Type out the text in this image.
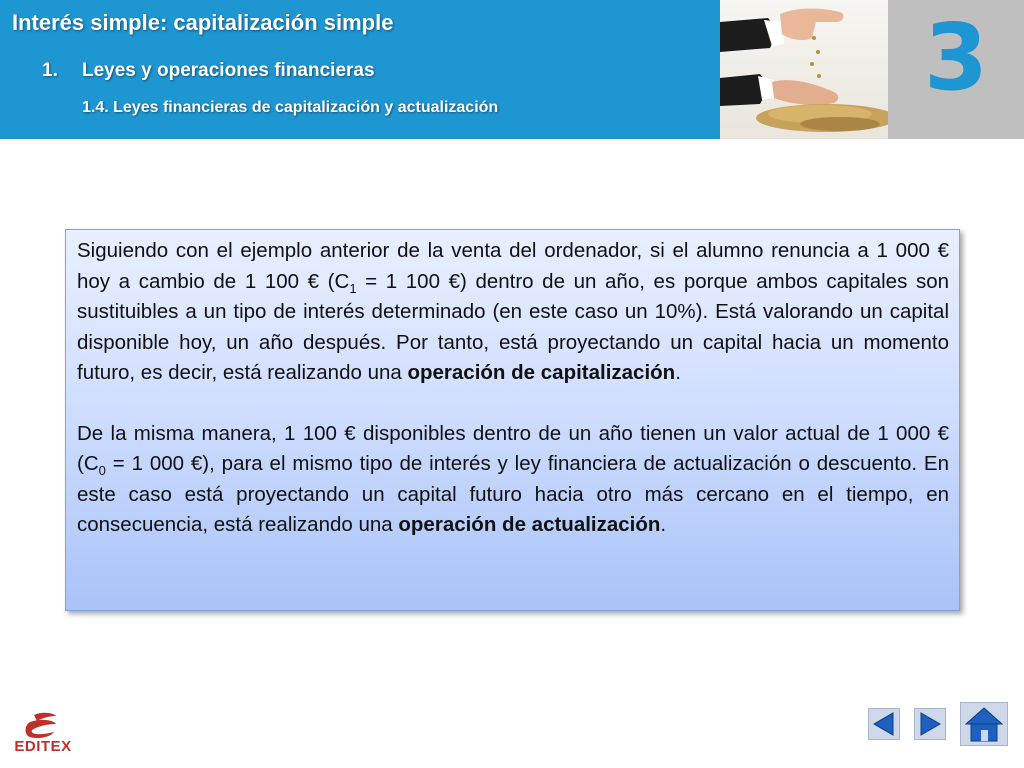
Interés simple: capitalización simple
1. Leyes y operaciones financieras
1.4. Leyes financieras de capitalización y actualización	3

Siguiendo con el ejemplo anterior de la venta del ordenador, si el alumno renuncia a 1 000 € hoy a cambio de 1 100 € ($C_1 = 1$ 100 €) dentro de un año, es porque ambos capitales son sustituibles a un tipo de interés determinado (en este caso un 10%). Está valorando un capital disponible hoy, un año después. Por tanto, está proyectando un capital hacia un momento futuro, es decir, está realizando una operación de capitalización.

De la misma manera, 1 100 € disponibles dentro de un año tienen un valor actual de 1 000 € ($C_0 = 1$ 000 €), para el mismo tipo de interés y ley financiera de actualización o descuento. En este caso está proyectando un capital futuro hacia otro más cercano en el tiempo, en consecuencia, está realizando una operación de actualización.

EDITEX
